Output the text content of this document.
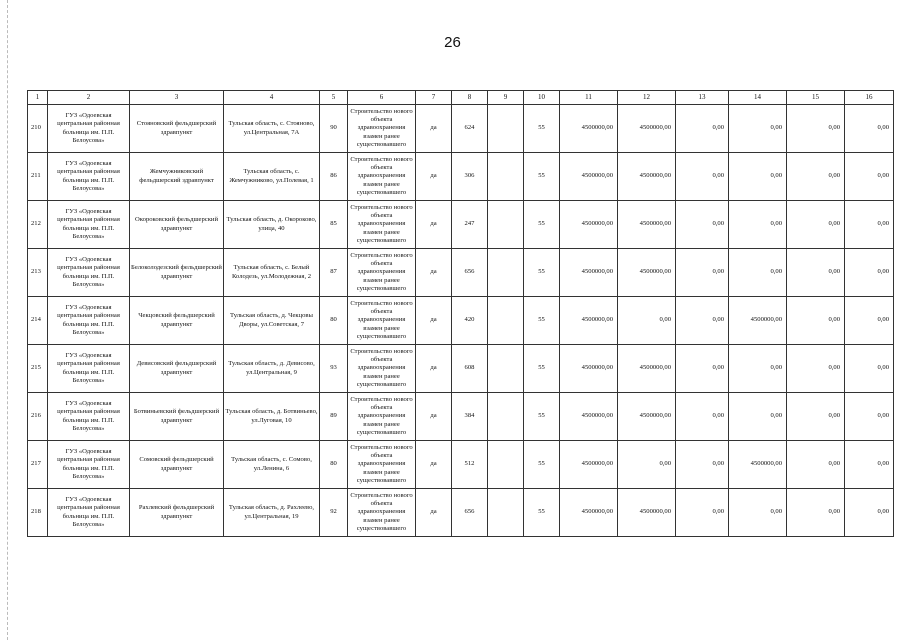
26
1	2	3	4	5	6	7	8	9	10	11	12	13	14	15	16
210	ГУЗ «Одоевская центральная районная больница им. П.П. Белоусова»	Стояновский фельдшерский здравпункт	Тульская область, с. Стояново, ул.Центральная, 7А	90	Строительство нового объекта здравоохранения взамен ранее существовавшего	да	624		55	4500000,00	4500000,00	0,00	0,00	0,00	0,00
211	ГУЗ «Одоевская центральная районная больница им. П.П. Белоусова»	Жемчужниковский фельдшерский здравпункт	Тульская область, с. Жемчужниково, ул.Полевая, 1	86	Строительство нового объекта здравоохранения взамен ранее существовавшего	да	306		55	4500000,00	4500000,00	0,00	0,00	0,00	0,00
212	ГУЗ «Одоевская центральная районная больница им. П.П. Белоусова»	Окороковский фельдшерский здравпункт	Тульская область, д. Окороково, улица, 40	85	Строительство нового объекта здравоохранения взамен ранее существовавшего	да	247		55	4500000,00	4500000,00	0,00	0,00	0,00	0,00
213	ГУЗ «Одоевская центральная районная больница им. П.П. Белоусова»	Белоколодезский фельдшерский здравпункт	Тульская область, с. Белый Колодезь, ул.Молодежная, 2	87	Строительство нового объекта здравоохранения взамен ранее существовавшего	да	656		55	4500000,00	4500000,00	0,00	0,00	0,00	0,00
214	ГУЗ «Одоевская центральная районная больница им. П.П. Белоусова»	Чекцовский фельдшерский здравпункт	Тульская область, д. Чекцовы Дворы, ул.Советская, 7	80	Строительство нового объекта здравоохранения взамен ранее существовавшего	да	420		55	4500000,00	0,00	0,00	4500000,00	0,00	0,00
215	ГУЗ «Одоевская центральная районная больница им. П.П. Белоусова»	Девисовский фельдшерский здравпункт	Тульская область, д. Девисово, ул.Центральная, 9	93	Строительство нового объекта здравоохранения взамен ранее существовавшего	да	608		55	4500000,00	4500000,00	0,00	0,00	0,00	0,00
216	ГУЗ «Одоевская центральная районная больница им. П.П. Белоусова»	Ботвиньевский фельдшерский здравпункт	Тульская область, д. Ботвиньево, ул.Луговая, 10	89	Строительство нового объекта здравоохранения взамен ранее существовавшего	да	384		55	4500000,00	4500000,00	0,00	0,00	0,00	0,00
217	ГУЗ «Одоевская центральная районная больница им. П.П. Белоусова»	Сомовский фельдшерский здравпункт	Тульская область, с. Сомово, ул.Ленина, 6	80	Строительство нового объекта здравоохранения взамен ранее существовавшего	да	512		55	4500000,00	0,00	0,00	4500000,00	0,00	0,00
218	ГУЗ «Одоевская центральная районная больница им. П.П. Белоусова»	Рахлевский фельдшерский здравпункт	Тульская область, д. Рахлеево, ул.Центральная, 19	92	Строительство нового объекта здравоохранения взамен ранее существовавшего	да	656		55	4500000,00	4500000,00	0,00	0,00	0,00	0,00
